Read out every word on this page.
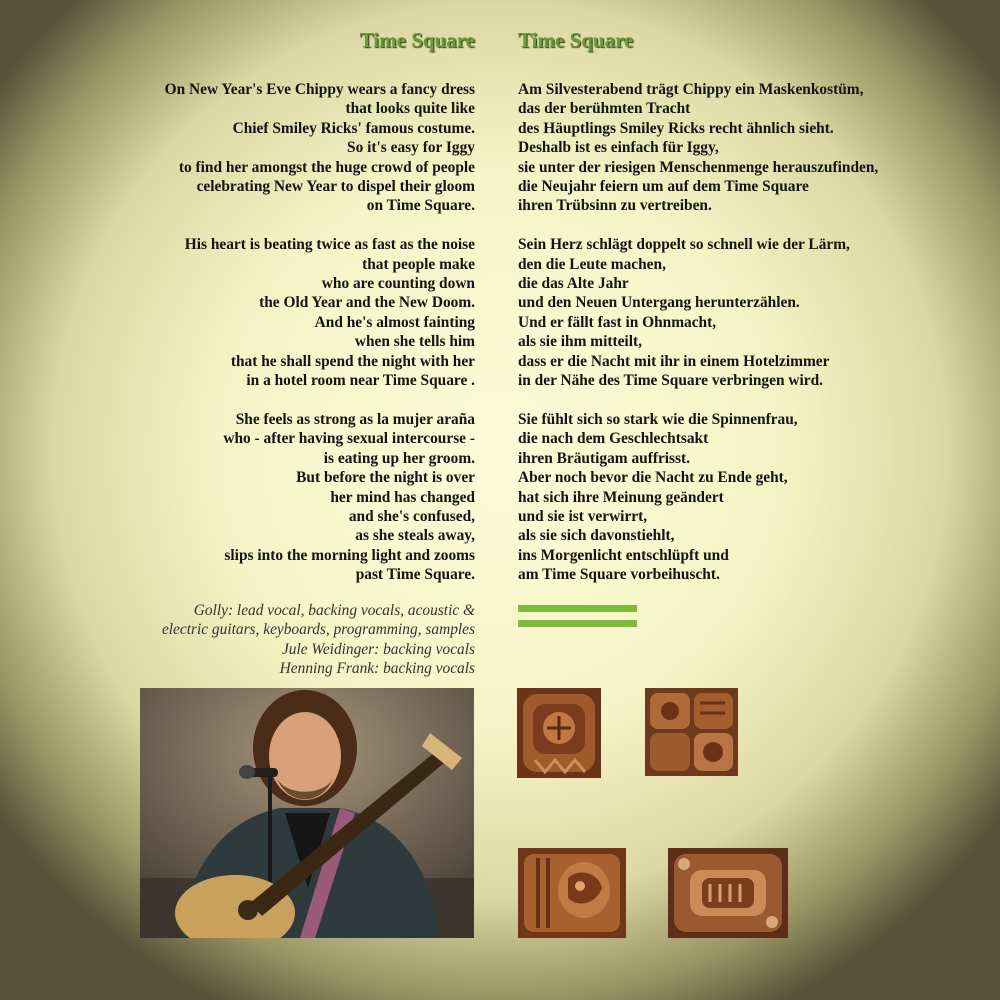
Time Square Time Square
On New Year's Eve Chippy wears a fancy dress
that looks quite like
Chief Smiley Ricks' famous costume.
So it's easy for Iggy
to find her amongst the huge crowd of people
celebrating New Year to dispel their gloom
on Time Square.
His heart is beating twice as fast as the noise
that people make
who are counting down
the Old Year and the New Doom.
And he's almost fainting
when she tells him
that he shall spend the night with her
in a hotel room near Time Square .
She feels as strong as la mujer araña
who - after having sexual intercourse -
is eating up her groom.
But before the night is over
her mind has changed
and she's confused,
as she steals away,
slips into the morning light and zooms
past Time Square.
Am Silvesterabend trägt Chippy ein Maskenkostüm,
das der berühmten Tracht
des Häuptlings Smiley Ricks recht ähnlich sieht.
Deshalb ist es einfach für Iggy,
sie unter der riesigen Menschenmenge herauszufinden,
die Neujahr feiern um auf dem Time Square
ihren Trübsinn zu vertreiben.
Sein Herz schlägt doppelt so schnell wie der Lärm,
den die Leute machen,
die das Alte Jahr
und den Neuen Untergang herunterzählen.
Und er fällt fast in Ohnmacht,
als sie ihm mitteilt,
dass er die Nacht mit ihr in einem Hotelzimmer
in der Nähe des Time Square verbringen wird.
Sie fühlt sich so stark wie die Spinnenfrau,
die nach dem Geschlechtsakt
ihren Bräutigam auffrisst.
Aber noch bevor die Nacht zu Ende geht,
hat sich ihre Meinung geändert
und sie ist verwirrt,
als sie sich davonstiehlt,
ins Morgenlicht entschlüpft und
am Time Square vorbeihuscht.
Golly: lead vocal, backing vocals, acoustic &
electric guitars, keyboards, programming, samples
Jule Weidinger: backing vocals
Henning Frank: backing vocals
